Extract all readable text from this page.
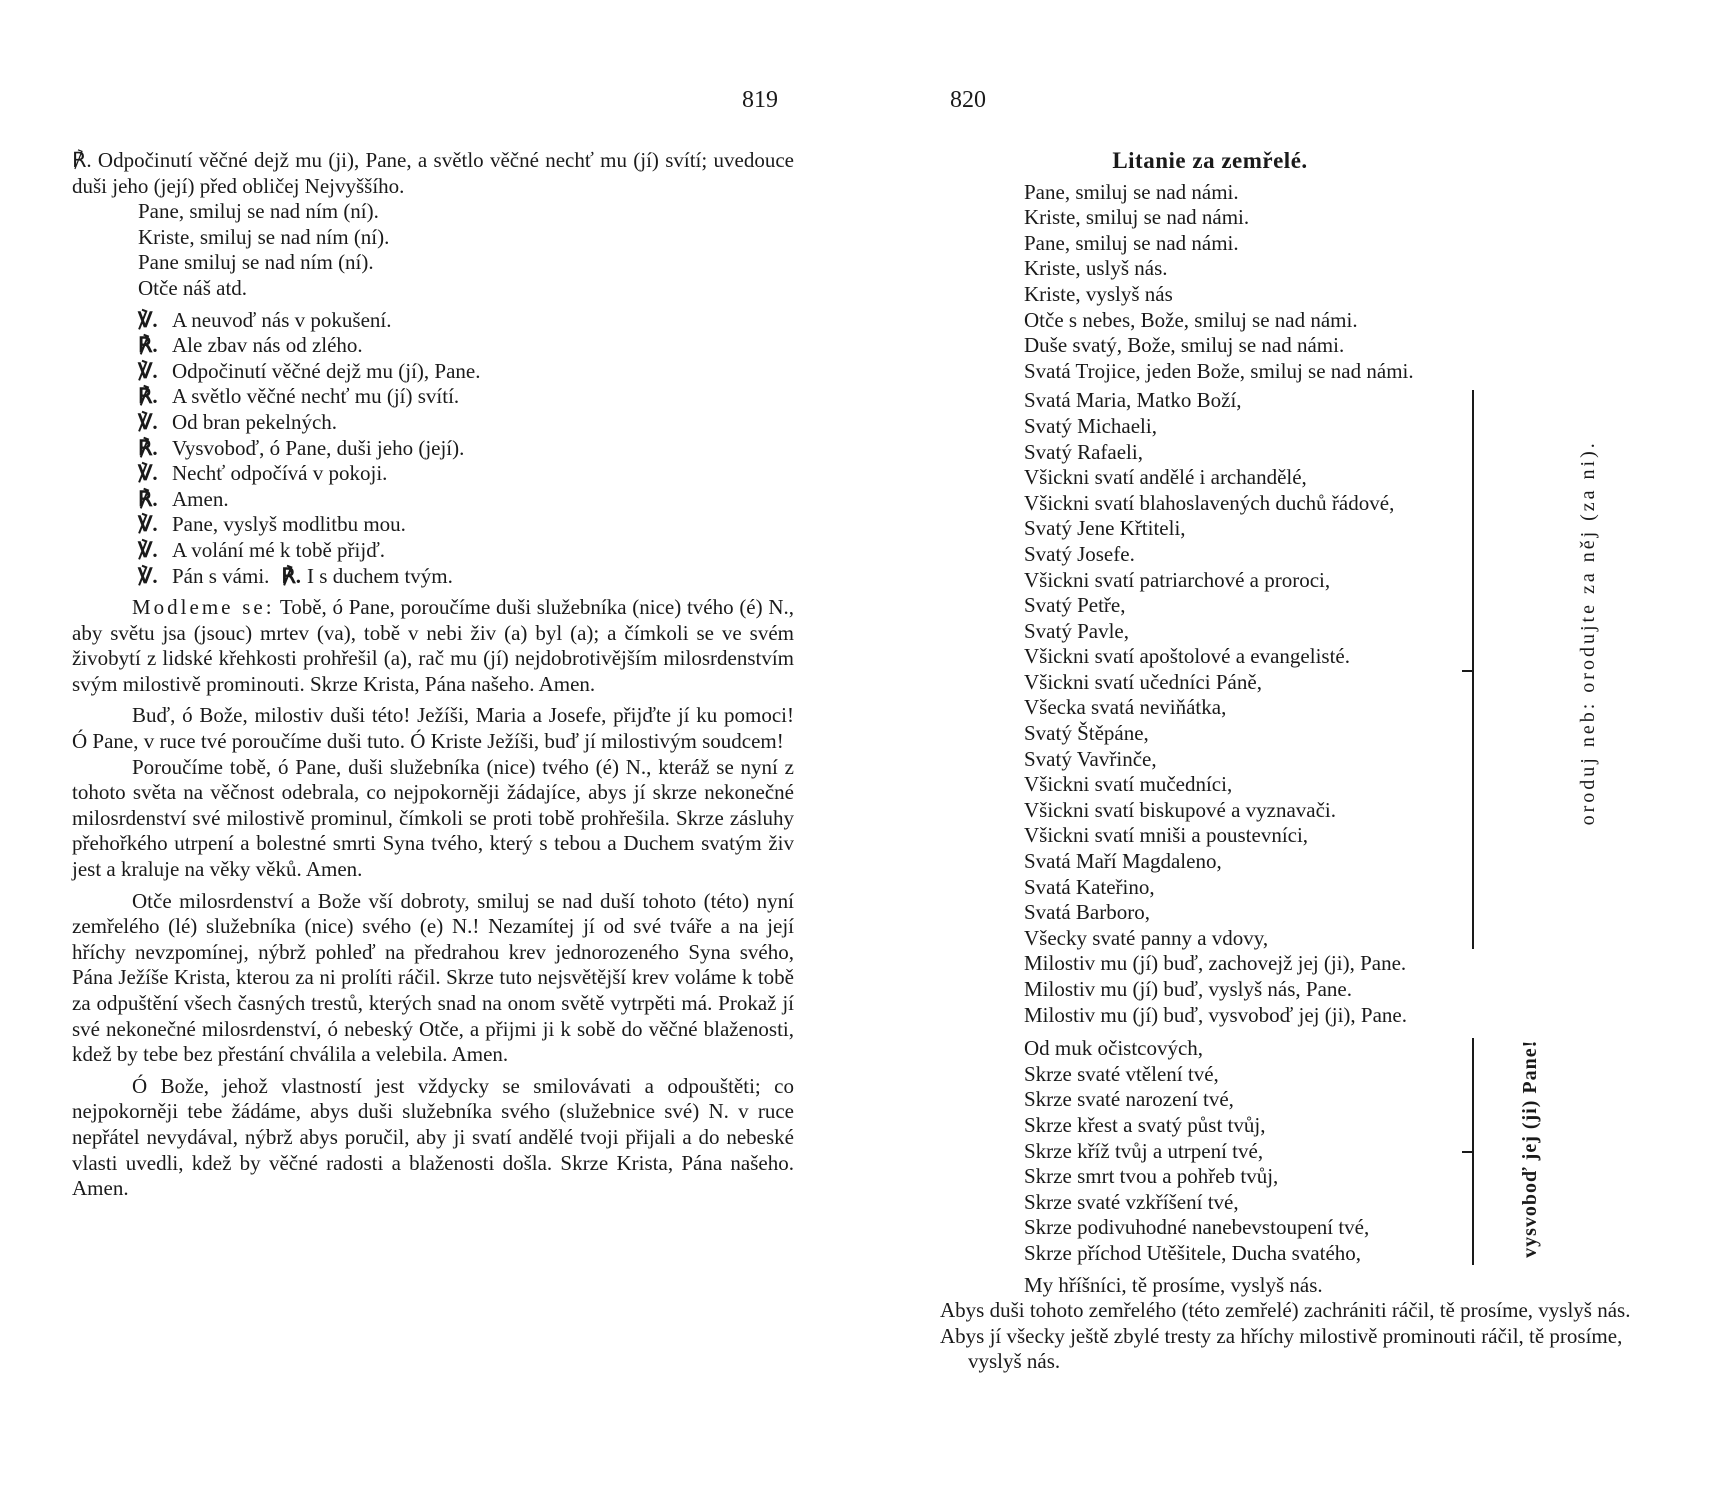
819	820

℟. Odpočinutí věčné dejž mu (ji), Pane, a světlo věčné nechť mu (jí) svítí; uvedouce duši jeho (její) před obličej Nejvyššího.

Pane, smiluj se nad ním (ní).
Kriste, smiluj se nad ním (ní).
Pane smiluj se nad ním (ní).
Otče náš atd.
℣. A neuvoď nás v pokušení.
℟. Ale zbav nás od zlého.
℣. Odpočinutí věčné dejž mu (jí), Pane.
℟. A světlo věčné nechť mu (jí) svítí.
℣. Od bran pekelných.
℟. Vysvoboď, ó Pane, duši jeho (její).
℣. Nechť odpočívá v pokoji.
℟. Amen.
℣. Pane, vyslyš modlitbu mou.
℣. A volání mé k tobě přijď.
℣. Pán s vámi. ℟. I s duchem tvým.

Modleme se: Tobě, ó Pane, poroučíme duši služebníka (nice) tvého (é) N., aby světu jsa (jsouc) mrtev (va), tobě v nebi živ (a) byl (a); a čímkoli se ve svém živobytí z lidské křehkosti prohřešil (a), rač mu (jí) nejdobrotivějším milosrdenstvím svým milostivě prominouti. Skrze Krista, Pána našeho. Amen.

Buď, ó Bože, milostiv duši této! Ježíši, Maria a Josefe, přijďte jí ku pomoci! Ó Pane, v ruce tvé poroučíme duši tuto. Ó Kriste Ježíši, buď jí milostivým soudcem!

Poroučíme tobě, ó Pane, duši služebníka (nice) tvého (é) N., kteráž se nyní z tohoto světa na věčnost odebrala, co nejpokorněji žádajíce, abys jí skrze nekonečné milosrdenství své milostivě prominul, čímkoli se proti tobě prohřešila. Skrze zásluhy přehořkého utrpení a bolestné smrti Syna tvého, který s tebou a Duchem svatým živ jest a kraluje na věky věků. Amen.

Otče milosrdenství a Bože vší dobroty, smiluj se nad duší tohoto (této) nyní zemřelého (lé) služebníka (nice) svého (e) N.! Nezamítej jí od své tváře a na její hříchy nevzpomínej, nýbrž pohleď na předrahou krev jednorozeného Syna svého, Pána Ježíše Krista, kterou za ni prolíti ráčil. Skrze tuto nejsvětější krev voláme k tobě za odpuštění všech časných trestů, kterých snad na onom světě vytrpěti má. Prokaž jí své nekonečné milosrdenství, ó nebeský Otče, a přijmi ji k sobě do věčné blaženosti, kdež by tebe bez přestání chválila a velebila. Amen.

Ó Bože, jehož vlastností jest vždycky se smilovávati a odpouštěti; co nejpokorněji tebe žádáme, abys duši služebníka svého (služebnice své) N. v ruce nepřátel nevydával, nýbrž abys poručil, aby ji svatí andělé tvoji přijali a do nebeské vlasti uvedli, kdež by věčné radosti a blaženosti došla. Skrze Krista, Pána našeho. Amen.

Litanie za zemřelé.
Pane, smiluj se nad námi.
Kriste, smiluj se nad námi.
Pane, smiluj se nad námi.
Kriste, uslyš nás.
Kriste, vyslyš nás
Otče s nebes, Bože, smiluj se nad námi.
Duše svatý, Bože, smiluj se nad námi.
Svatá Trojice, jeden Bože, smiluj se nad námi.
Svatá Maria, Matko Boží,
Svatý Michaeli,
Svatý Rafaeli,
Všickni svatí andělé i archandělé,
Všickni svatí blahoslavených duchů řádové,
Svatý Jene Křtiteli,
Svatý Josefe.
Všickni svatí patriarchové a proroci,
Svatý Petře,
Svatý Pavle,
Všickni svatí apoštolové a evangelisté.
Všickni svatí učedníci Páně,
Všecka svatá neviňátka,
Svatý Štěpáne,
Svatý Vavřinče,
Všickni svatí mučedníci,
Všickni svatí biskupové a vyznavači.
Všickni svatí mniši a poustevníci,
Svatá Maří Magdaleno,
Svatá Kateřino,
Svatá Barboro,
Všecky svaté panny a vdovy,
oroduj neb: orodujte za něj (za ni).
Milostiv mu (jí) buď, zachovejž jej (ji), Pane.
Milostiv mu (jí) buď, vyslyš nás, Pane.
Milostiv mu (jí) buď, vysvoboď jej (ji), Pane.
Od muk očistcových,
Skrze svaté vtělení tvé,
Skrze svaté narození tvé,
Skrze křest a svatý půst tvůj,
Skrze kříž tvůj a utrpení tvé,
Skrze smrt tvou a pohřeb tvůj,
Skrze svaté vzkříšení tvé,
Skrze podivuhodné nanebevstoupení tvé,
Skrze příchod Utěšitele, Ducha svatého,	vysvoboď jej (ji) Pane!
My hříšníci, tě prosíme, vyslyš nás.
Abys duši tohoto zemřelého (této zemřelé) zachrániti ráčil, tě prosíme, vyslyš nás.
Abys jí všecky ještě zbylé tresty za hříchy milostivě prominouti ráčil, tě prosíme, vyslyš nás.
